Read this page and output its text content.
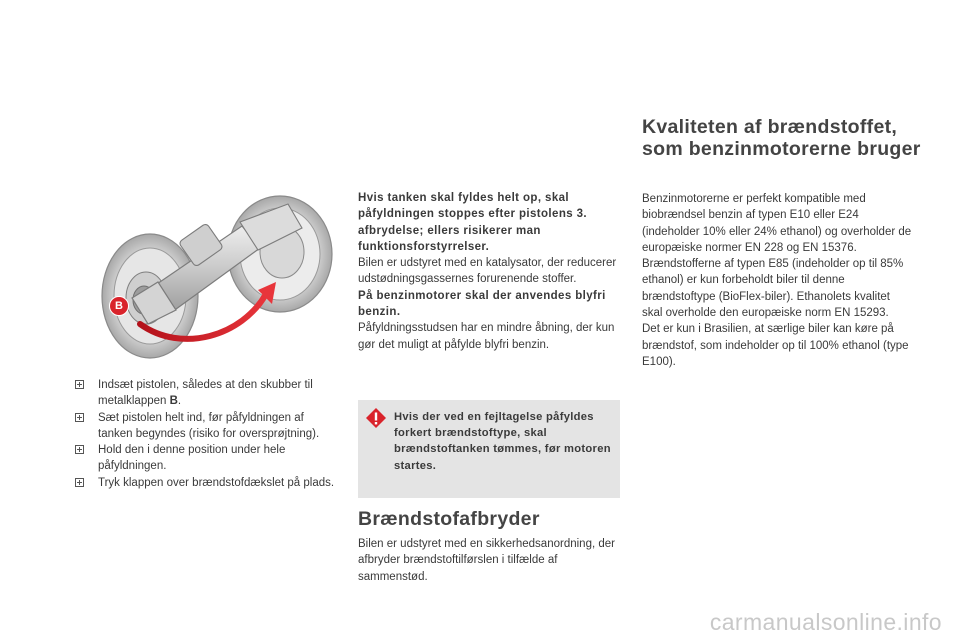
B
Indsæt pistolen, således at den skubber til metalklappen B.
Sæt pistolen helt ind, før påfyldningen af tanken begyndes (risiko for oversprøjtning).
Hold den i denne position under hele påfyldningen.
Tryk klappen over brændstofdækslet på plads.

Hvis tanken skal fyldes helt op, skal påfyldningen stoppes efter pistolens 3. afbrydelse; ellers risikerer man funktionsforstyrrelser.

Bilen er udstyret med en katalysator, der reducerer udstødningsgassernes forurenende stoffer.

På benzinmotorer skal der anvendes blyfri benzin.

Påfyldningsstudsen har en mindre åbning, der kun gør det muligt at påfylde blyfri benzin.

Hvis der ved en fejltagelse påfyldes forkert brændstoftype, skal brændstoftanken tømmes, før motoren startes.
Brændstofafbryder
Bilen er udstyret med en sikkerhedsanordning, der afbryder brændstoftilførslen i tilfælde af sammenstød.
Kvaliteten af brændstoffet, som benzinmotorerne bruger

Benzinmotorerne er perfekt kompatible med biobrændsel benzin af typen E10 eller E24 (indeholder 10% eller 24% ethanol) og overholder de europæiske normer EN 228 og EN 15376.

Brændstofferne af typen E85 (indeholder op til 85% ethanol) er kun forbeholdt biler til denne brændstoftype (BioFlex-biler). Ethanolets kvalitet skal overholde den europæiske norm EN 15293.

Det er kun i Brasilien, at særlige biler kan køre på brændstof, som indeholder op til 100% ethanol (type E100).

carmanualsonline.info
